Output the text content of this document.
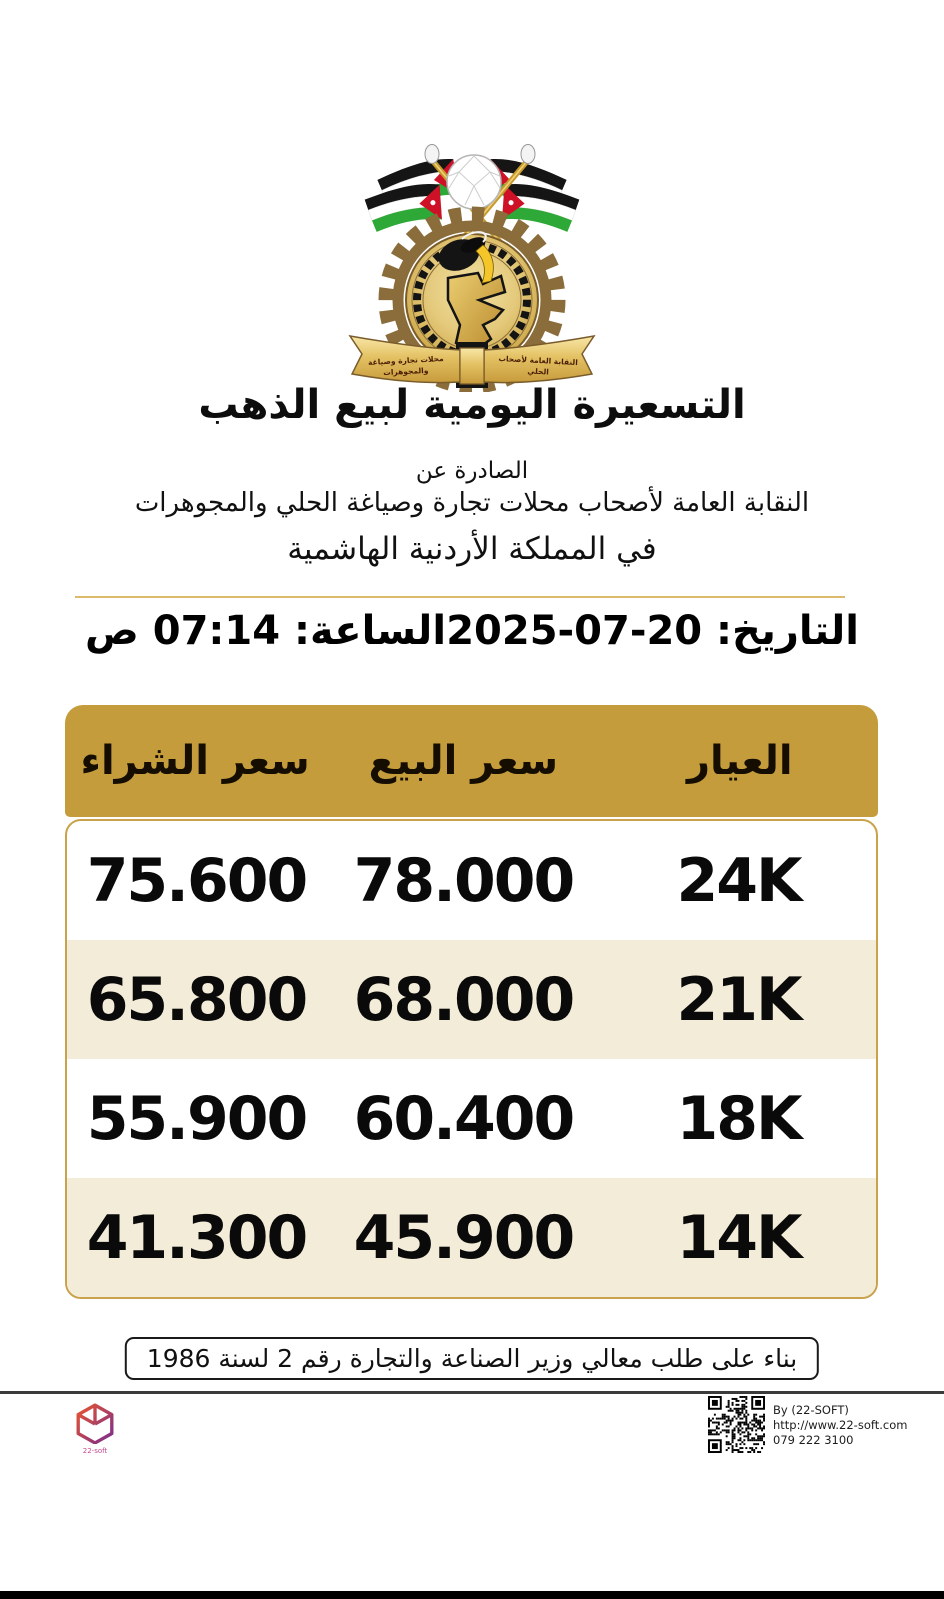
محلات تجارة وصياغة
والمجوهرات
النقابة العامة لأصحاب
الحلي
التسعيرة اليومية لبيع الذهب
الصادرة عن
النقابة العامة لأصحاب محلات تجارة وصياغة الحلي والمجوهرات
في المملكة الأردنية الهاشمية
التاريخ: 20-07-2025
الساعة: 07:14 ص
العيار
سعر البيع
سعر الشراء
24K
78.000
75.600
21K
68.000
65.800
18K
60.400
55.900
14K
45.900
41.300
بناء على طلب معالي وزير الصناعة والتجارة رقم 2 لسنة 1986
22-soft
By (22-SOFT)
http://www.22-soft.com
079 222 3100
